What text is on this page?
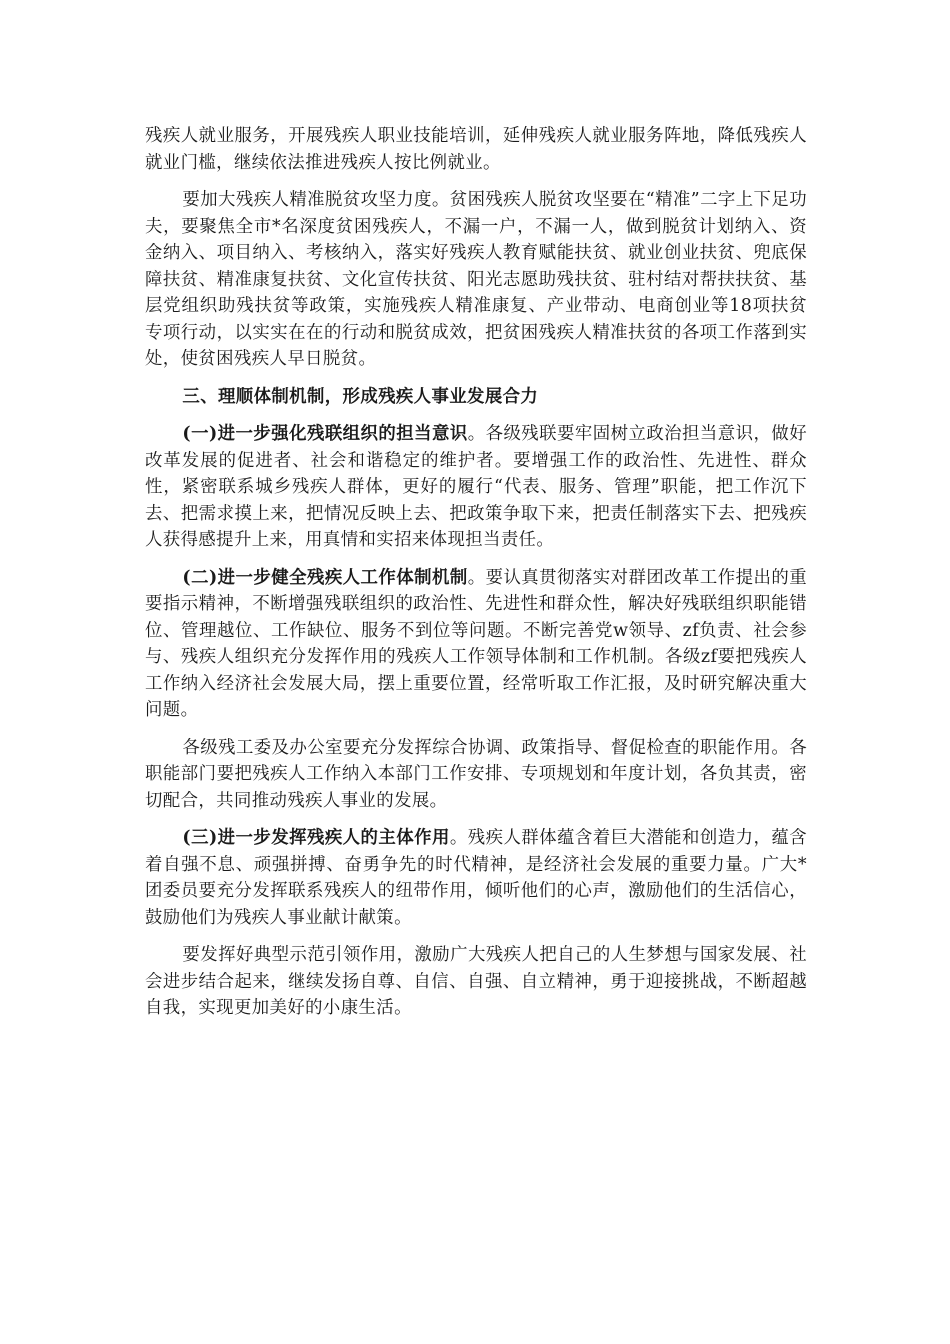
残疾人就业服务，开展残疾人职业技能培训，延伸残疾人就业服务阵地，降低残疾人就业门槛，继续依法推进残疾人按比例就业。

要加大残疾人精准脱贫攻坚力度。贫困残疾人脱贫攻坚要在“精准”二字上下足功夫，要聚焦全市*名深度贫困残疾人，不漏一户，不漏一人，做到脱贫计划纳入、资金纳入、项目纳入、考核纳入，落实好残疾人教育赋能扶贫、就业创业扶贫、兜底保障扶贫、精准康复扶贫、文化宣传扶贫、阳光志愿助残扶贫、驻村结对帮扶扶贫、基层党组织助残扶贫等政策，实施残疾人精准康复、产业带动、电商创业等18项扶贫专项行动，以实实在在的行动和脱贫成效，把贫困残疾人精准扶贫的各项工作落到实处，使贫困残疾人早日脱贫。

三、理顺体制机制，形成残疾人事业发展合力

(一)进一步强化残联组织的担当意识。各级残联要牢固树立政治担当意识，做好改革发展的促进者、社会和谐稳定的维护者。要增强工作的政治性、先进性、群众性，紧密联系城乡残疾人群体，更好的履行“代表、服务、管理”职能，把工作沉下去、把需求摸上来，把情况反映上去、把政策争取下来，把责任制落实下去、把残疾人获得感提升上来，用真情和实招来体现担当责任。

(二)进一步健全残疾人工作体制机制。要认真贯彻落实对群团改革工作提出的重要指示精神，不断增强残联组织的政治性、先进性和群众性，解决好残联组织职能错位、管理越位、工作缺位、服务不到位等问题。不断完善党w领导、zf负责、社会参与、残疾人组织充分发挥作用的残疾人工作领导体制和工作机制。各级zf要把残疾人工作纳入经济社会发展大局，摆上重要位置，经常听取工作汇报，及时研究解决重大问题。

各级残工委及办公室要充分发挥综合协调、政策指导、督促检查的职能作用。各职能部门要把残疾人工作纳入本部门工作安排、专项规划和年度计划，各负其责，密切配合，共同推动残疾人事业的发展。

(三)进一步发挥残疾人的主体作用。残疾人群体蕴含着巨大潜能和创造力，蕴含着自强不息、顽强拼搏、奋勇争先的时代精神，是经济社会发展的重要力量。广大*团委员要充分发挥联系残疾人的纽带作用，倾听他们的心声，激励他们的生活信心，鼓励他们为残疾人事业献计献策。

要发挥好典型示范引领作用，激励广大残疾人把自己的人生梦想与国家发展、社会进步结合起来，继续发扬自尊、自信、自强、自立精神，勇于迎接挑战，不断超越自我，实现更加美好的小康生活。
